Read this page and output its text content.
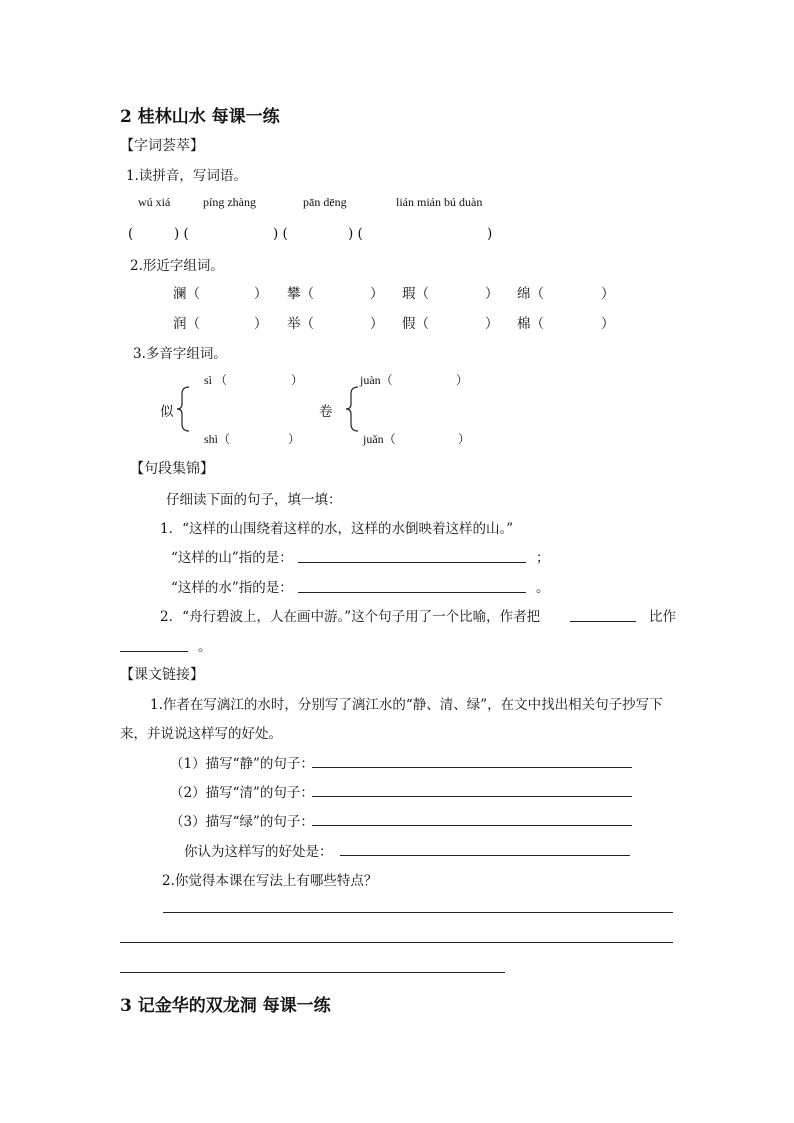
2 桂林山水 每课一练
【字词荟萃】
1.读拼音，写词语。
wú xiá	píng zhàng	pān dēng	lián mián bú duàn
(	) (	) (	) (	)
2.形近字组词。
澜（	） 攀（	） 瑕（	） 绵（	）
润（	） 举（	） 假（	） 棉（	）
3.多音字组词。
似
sì （	）
shì（	）
卷
juàn（	）
juǎn（	）
【句段集锦】
仔细读下面的句子，填一填：
1．“这样的山围绕着这样的水，这样的水倒映着这样的山。”
“这样的山”指的是：	；
“这样的水”指的是：	。
2．“舟行碧波上，人在画中游。”这个句子用了一个比喻，作者把	比作
。
【课文链接】
1.作者在写漓江的水时，分别写了漓江水的“静、清、绿”，在文中找出相关句子抄写下
来，并说说这样写的好处。
（1）描写“静”的句子：
（2）描写“清”的句子：
（3）描写“绿”的句子：
你认为这样写的好处是：
2.你觉得本课在写法上有哪些特点？
3 记金华的双龙洞 每课一练
